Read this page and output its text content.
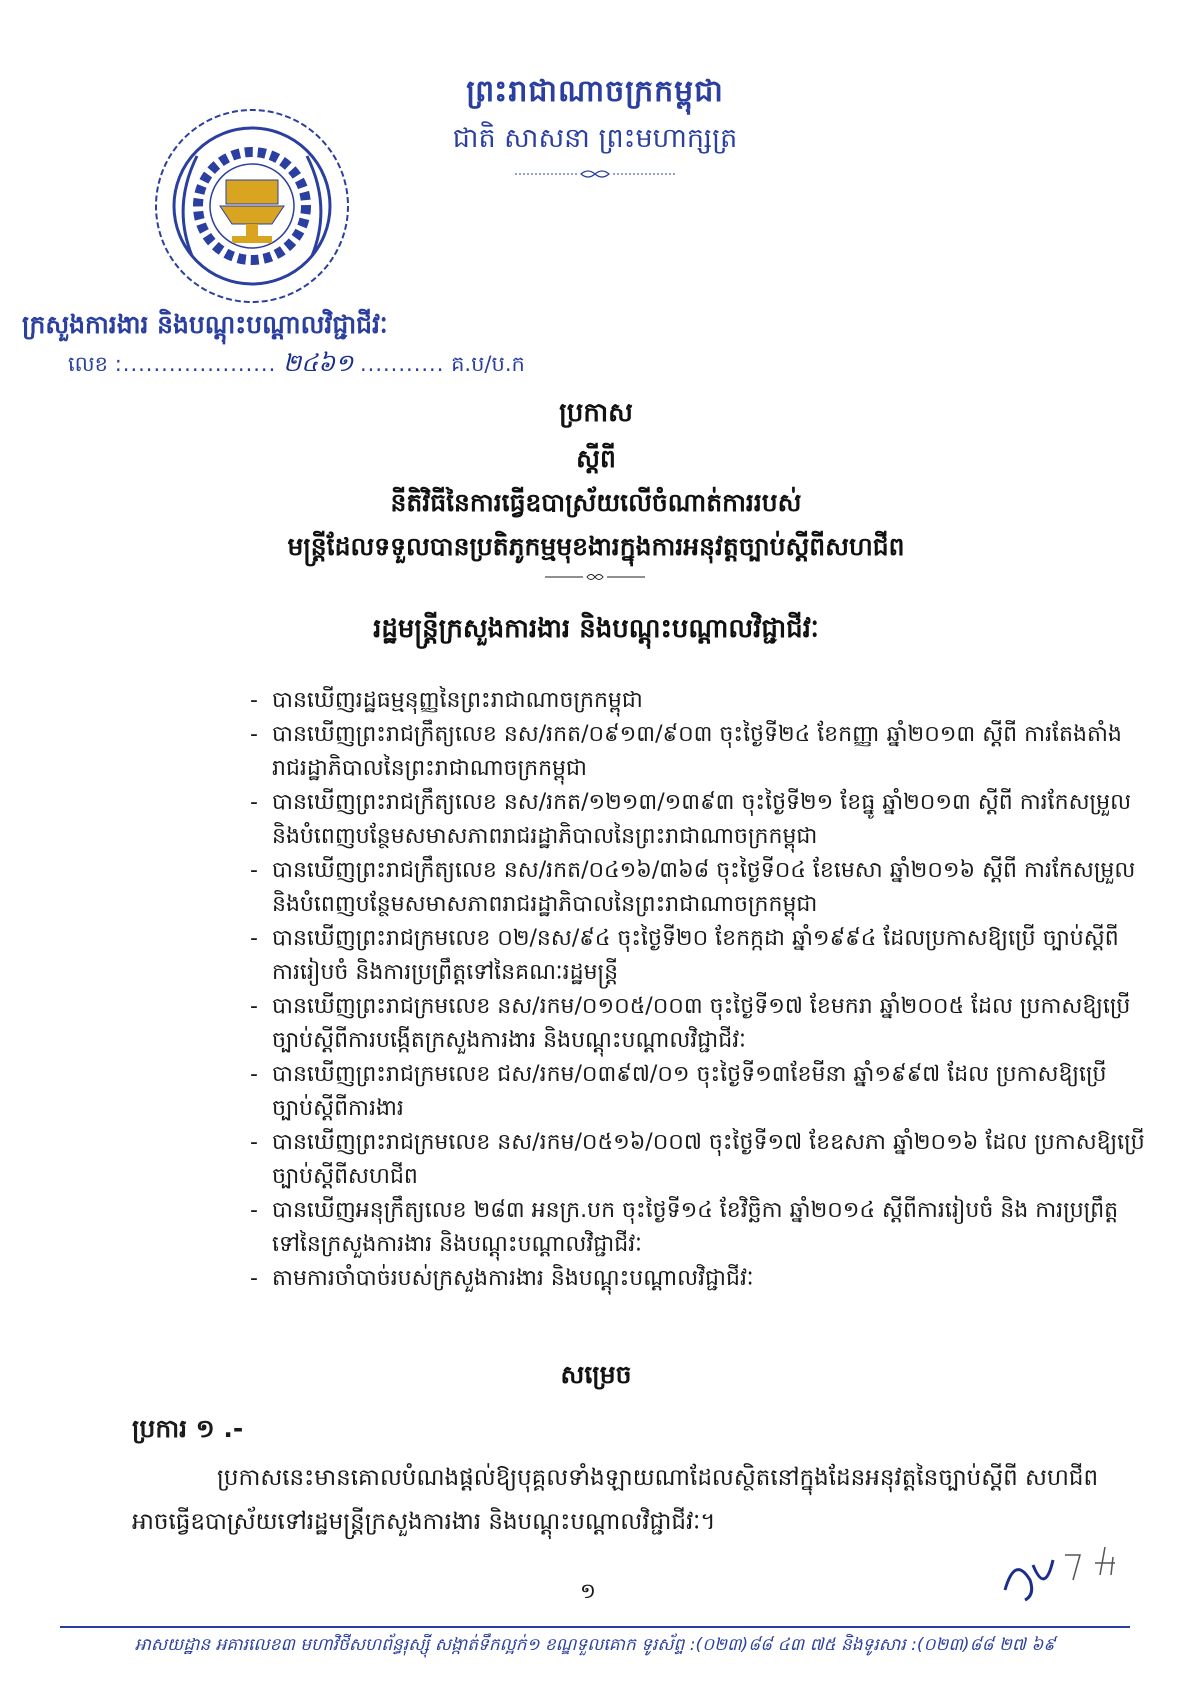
ព្រះរាជាណាចក្រកម្ពុជា
ជាតិ សាសនា ព្រះមហាក្សត្រ
ក្រសួងការងារ និងបណ្តុះបណ្តាលវិជ្ជាជីវៈ
លេខ :.................... ២៤៦១ ........... គ.ប/ប.ក
ប្រកាស
ស្តីពី
នីតិវិធីនៃការធ្វើឧបាស្រ័យលើចំណាត់ការរបស់
មន្ត្រីដែលទទួលបានប្រតិភូកម្មមុខងារក្នុងការអនុវត្តច្បាប់ស្តីពីសហជីព
រដ្ឋមន្ត្រីក្រសួងការងារ និងបណ្តុះបណ្តាលវិជ្ជាជីវៈ
- បានឃើញរដ្ឋធម្មនុញ្ញនៃព្រះរាជាណាចក្រកម្ពុជា
- បានឃើញព្រះរាជក្រឹត្យលេខ នស/រកត/០៩១៣/៩០៣ ចុះថ្ងៃទី២៤ ខែកញ្ញា ឆ្នាំ២០១៣ ស្តីពី ការតែងតាំងរាជរដ្ឋាភិបាលនៃព្រះរាជាណាចក្រកម្ពុជា
- បានឃើញព្រះរាជក្រឹត្យលេខ នស/រកត/១២១៣/១៣៩៣ ចុះថ្ងៃទី២១ ខែធ្នូ ឆ្នាំ២០១៣ ស្តីពី ការកែសម្រួល និងបំពេញបន្ថែមសមាសភាពរាជរដ្ឋាភិបាលនៃព្រះរាជាណាចក្រកម្ពុជា
- បានឃើញព្រះរាជក្រឹត្យលេខ នស/រកត/០៤១៦/៣៦៨ ចុះថ្ងៃទី០៤ ខែមេសា ឆ្នាំ២០១៦ ស្តីពី ការកែសម្រួល និងបំពេញបន្ថែមសមាសភាពរាជរដ្ឋាភិបាលនៃព្រះរាជាណាចក្រកម្ពុជា
- បានឃើញព្រះរាជក្រមលេខ ០២/នស/៩៤ ចុះថ្ងៃទី២០ ខែកក្កដា ឆ្នាំ១៩៩៤ ដែលប្រកាសឱ្យប្រើ ច្បាប់ស្តីពីការរៀបចំ និងការប្រព្រឹត្តទៅនៃគណៈរដ្ឋមន្ត្រី
- បានឃើញព្រះរាជក្រមលេខ នស/រកម/០១០៥/០០៣ ចុះថ្ងៃទី១៧ ខែមករា ឆ្នាំ២០០៥ ដែល ប្រកាសឱ្យប្រើច្បាប់ស្តីពីការបង្កើតក្រសួងការងារ និងបណ្តុះបណ្តាលវិជ្ជាជីវៈ
- បានឃើញព្រះរាជក្រមលេខ ជស/រកម/០៣៩៧/០១ ចុះថ្ងៃទី១៣ខែមីនា ឆ្នាំ១៩៩៧ ដែល ប្រកាសឱ្យប្រើច្បាប់ស្តីពីការងារ
- បានឃើញព្រះរាជក្រមលេខ នស/រកម/០៥១៦/០០៧ ចុះថ្ងៃទី១៧ ខែឧសភា ឆ្នាំ២០១៦ ដែល ប្រកាសឱ្យប្រើច្បាប់ស្តីពីសហជីព
- បានឃើញអនុក្រឹត្យលេខ ២៨៣ អនក្រ.បក ចុះថ្ងៃទី១៤ ខែវិច្ឆិកា ឆ្នាំ២០១៤ ស្តីពីការរៀបចំ និង ការប្រព្រឹត្តទៅនៃក្រសួងការងារ និងបណ្តុះបណ្តាលវិជ្ជាជីវៈ
- តាមការចាំបាច់របស់ក្រសួងការងារ និងបណ្តុះបណ្តាលវិជ្ជាជីវៈ
សម្រេច
ប្រការ ១ .-
ប្រកាសនេះមានគោលបំណងផ្តល់ឱ្យបុគ្គលទាំងឡាយណាដែលស្ថិតនៅក្នុងដែនអនុវត្តនៃច្បាប់ស្តីពី សហជីព អាចធ្វើឧបាស្រ័យទៅរដ្ឋមន្ត្រីក្រសួងការងារ និងបណ្តុះបណ្តាលវិជ្ជាជីវៈ។
១
អាសយដ្ឋាន អគារលេខ៣ មហាវិថីសហព័ន្ធរុស្ស៊ី សង្កាត់ទឹកល្អក់១ ខណ្ឌទួលគោក ទូរស័ព្ទ :(០២៣)៨៨ ៤៣ ៧៥ និងទូរសារ :(០២៣)៨៨ ២៧ ៦៩
